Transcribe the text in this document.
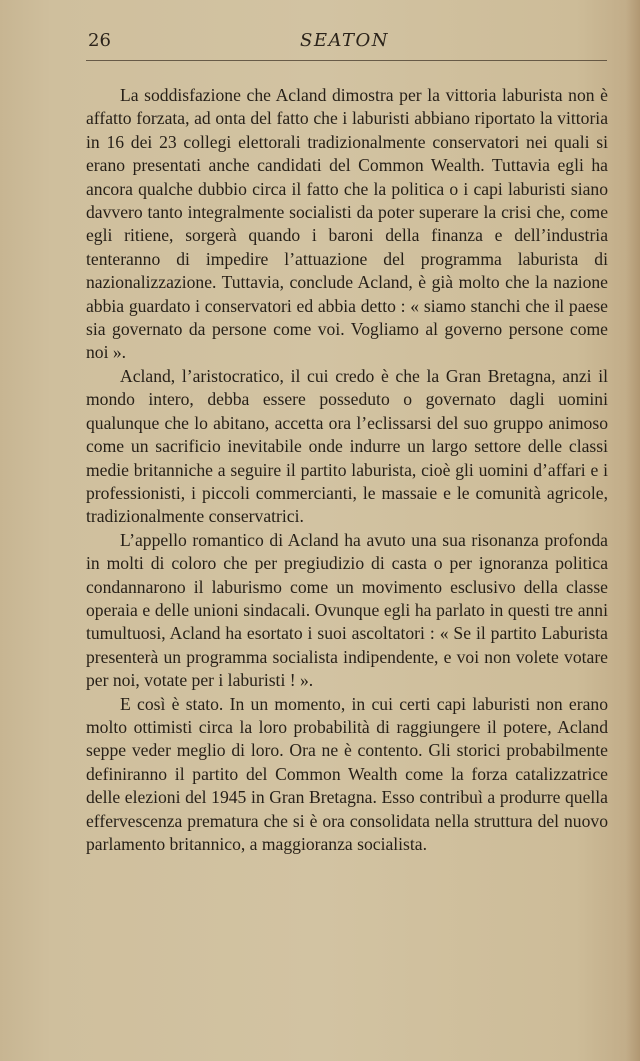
26	SEATON

La soddisfazione che Acland dimostra per la vittoria laburista non è affatto forzata, ad onta del fatto che i laburisti abbiano riportato la vittoria in 16 dei 23 collegi elettorali tradizionalmente conservatori nei quali si erano presentati anche candidati del Common Wealth. Tuttavia egli ha ancora qualche dubbio circa il fatto che la politica o i capi laburisti siano davvero tanto integralmente socialisti da poter superare la crisi che, come egli ritiene, sorgerà quando i baroni della finanza e dell’industria tenteranno di impedire l’attuazione del programma laburista di nazionalizzazione. Tuttavia, conclude Acland, è già molto che la nazione abbia guardato i conservatori ed abbia detto : « siamo stanchi che il paese sia governato da persone come voi. Vogliamo al governo persone come noi ».

Acland, l’aristocratico, il cui credo è che la Gran Bretagna, anzi il mondo intero, debba essere posseduto o governato dagli uomini qualunque che lo abitano, accetta ora l’eclissarsi del suo gruppo animoso come un sacrificio inevitabile onde indurre un largo settore delle classi medie britanniche a seguire il partito laburista, cioè gli uomini d’affari e i professionisti, i piccoli commercianti, le massaie e le comunità agricole, tradizionalmente conservatrici.

L’appello romantico di Acland ha avuto una sua risonanza profonda in molti di coloro che per pregiudizio di casta o per ignoranza politica condannarono il laburismo come un movimento esclusivo della classe operaia e delle unioni sindacali. Ovunque egli ha parlato in questi tre anni tumultuosi, Acland ha esortato i suoi ascoltatori : « Se il partito Laburista presenterà un programma socialista indipendente, e voi non volete votare per noi, votate per i laburisti ! ».

E così è stato. In un momento, in cui certi capi laburisti non erano molto ottimisti circa la loro probabilità di raggiungere il potere, Acland seppe veder meglio di loro. Ora ne è contento. Gli storici probabilmente definiranno il partito del Common Wealth come la forza catalizzatrice delle elezioni del 1945 in Gran Bretagna. Esso contribuì a produrre quella effervescenza prematura che si è ora consolidata nella struttura del nuovo parlamento britannico, a maggioranza socialista.
